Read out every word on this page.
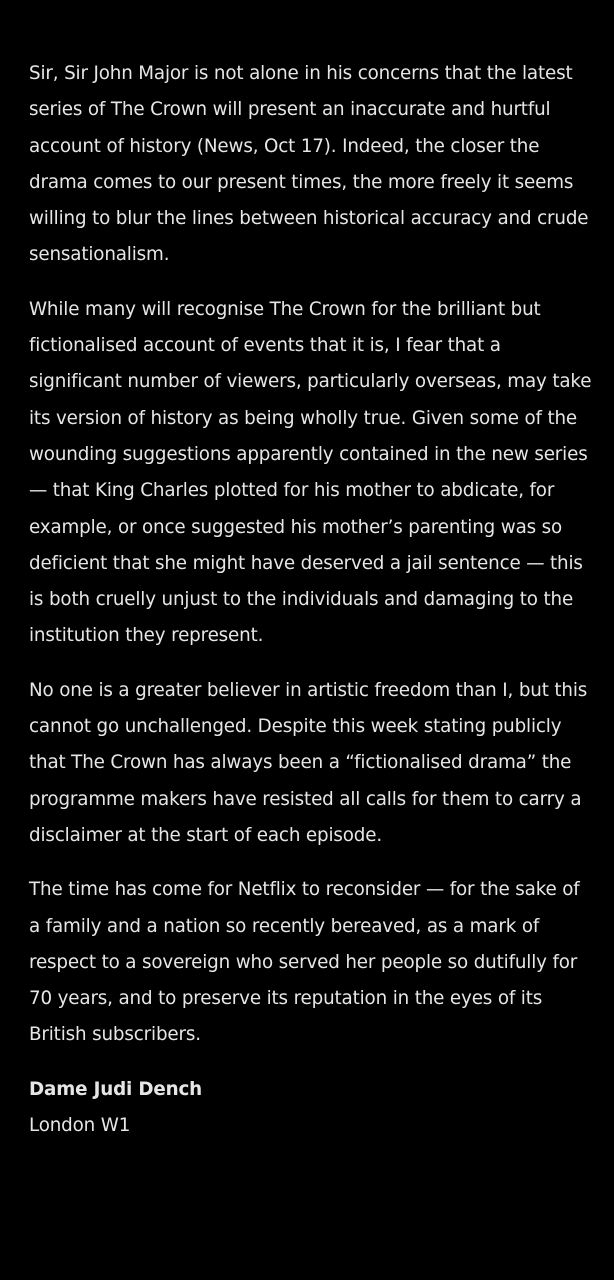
Sir, Sir John Major is not alone in his concerns that the latest series of The Crown will present an inaccurate and hurtful account of history (News, Oct 17). Indeed, the closer the drama comes to our present times, the more freely it seems willing to blur the lines between historical accuracy and crude sensationalism.

While many will recognise The Crown for the brilliant but fictionalised account of events that it is, I fear that a significant number of viewers, particularly overseas, may take its version of history as being wholly true. Given some of the wounding suggestions apparently contained in the new series — that King Charles plotted for his mother to abdicate, for example, or once suggested his mother’s parenting was so deficient that she might have deserved a jail sentence — this is both cruelly unjust to the individuals and damaging to the institution they represent.

No one is a greater believer in artistic freedom than I, but this cannot go unchallenged. Despite this week stating publicly that The Crown has always been a “fictionalised drama” the programme makers have resisted all calls for them to carry a disclaimer at the start of each episode.

The time has come for Netflix to reconsider — for the sake of a family and a nation so recently bereaved, as a mark of respect to a sovereign who served her people so dutifully for 70 years, and to preserve its reputation in the eyes of its British subscribers.

Dame Judi Dench
London W1
